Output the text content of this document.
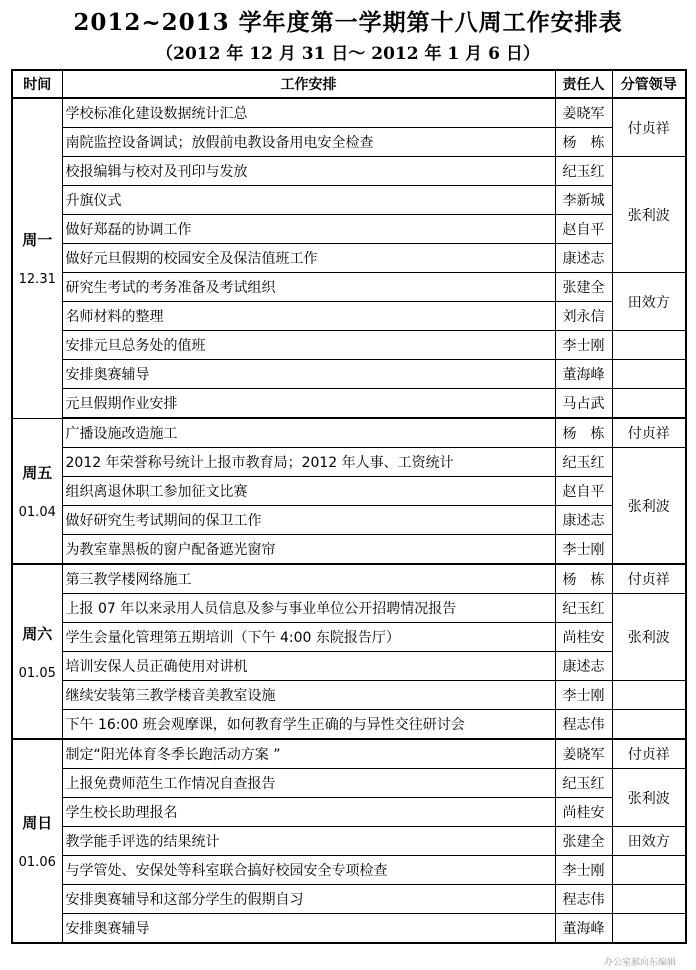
2012~2013 学年度第一学期第十八周工作安排表
（2012 年 12 月 31 日～ 2012 年 1 月 6 日）
时间	工作安排	责任人	分管领导

周一
12.31	学校标准化建设数据统计汇总	姜晓军	付贞祥
	南院监控设备调试；放假前电教设备用电安全检查	杨　栋	
	校报编辑与校对及刊印与发放	纪玉红	张利波
	升旗仪式	李新城	
	做好郑磊的协调工作	赵自平	
	做好元旦假期的校园安全及保洁值班工作	康述志	
	研究生考试的考务准备及考试组织	张建全	田效方
	名师材料的整理	刘永信	
	安排元旦总务处的值班	李士刚	
	安排奥赛辅导	董海峰	
	元旦假期作业安排	马占武	

周五
01.04	广播设施改造施工	杨　栋	付贞祥
	2012 年荣誉称号统计上报市教育局；2012 年人事、工资统计	纪玉红	张利波
	组织离退休职工参加征文比赛	赵自平	
	做好研究生考试期间的保卫工作	康述志	
	为教室靠黑板的窗户配备遮光窗帘	李士刚	

周六
01.05	第三教学楼网络施工	杨　栋	付贞祥
	上报 07 年以来录用人员信息及参与事业单位公开招聘情况报告	纪玉红	张利波
	学生会量化管理第五期培训（下午 4:00 东院报告厅）	尚桂安	
	培训安保人员正确使用对讲机	康述志	
	继续安装第三教学楼音美教室设施	李士刚	
	下午 16:00 班会观摩课，如何教育学生正确的与异性交往研讨会	程志伟	

周日
01.06	制定“阳光体育冬季长跑活动方案 ”	姜晓军	付贞祥
	上报免费师范生工作情况自查报告	纪玉红	张利波
	学生校长助理报名	尚桂安	
	教学能手评选的结果统计	张建全	田效方
	与学管处、安保处等科室联合搞好校园安全专项检查	李士刚	
	安排奥赛辅导和这部分学生的假期自习	程志伟	
	安排奥赛辅导	董海峰	
办公室郝向东编辑
